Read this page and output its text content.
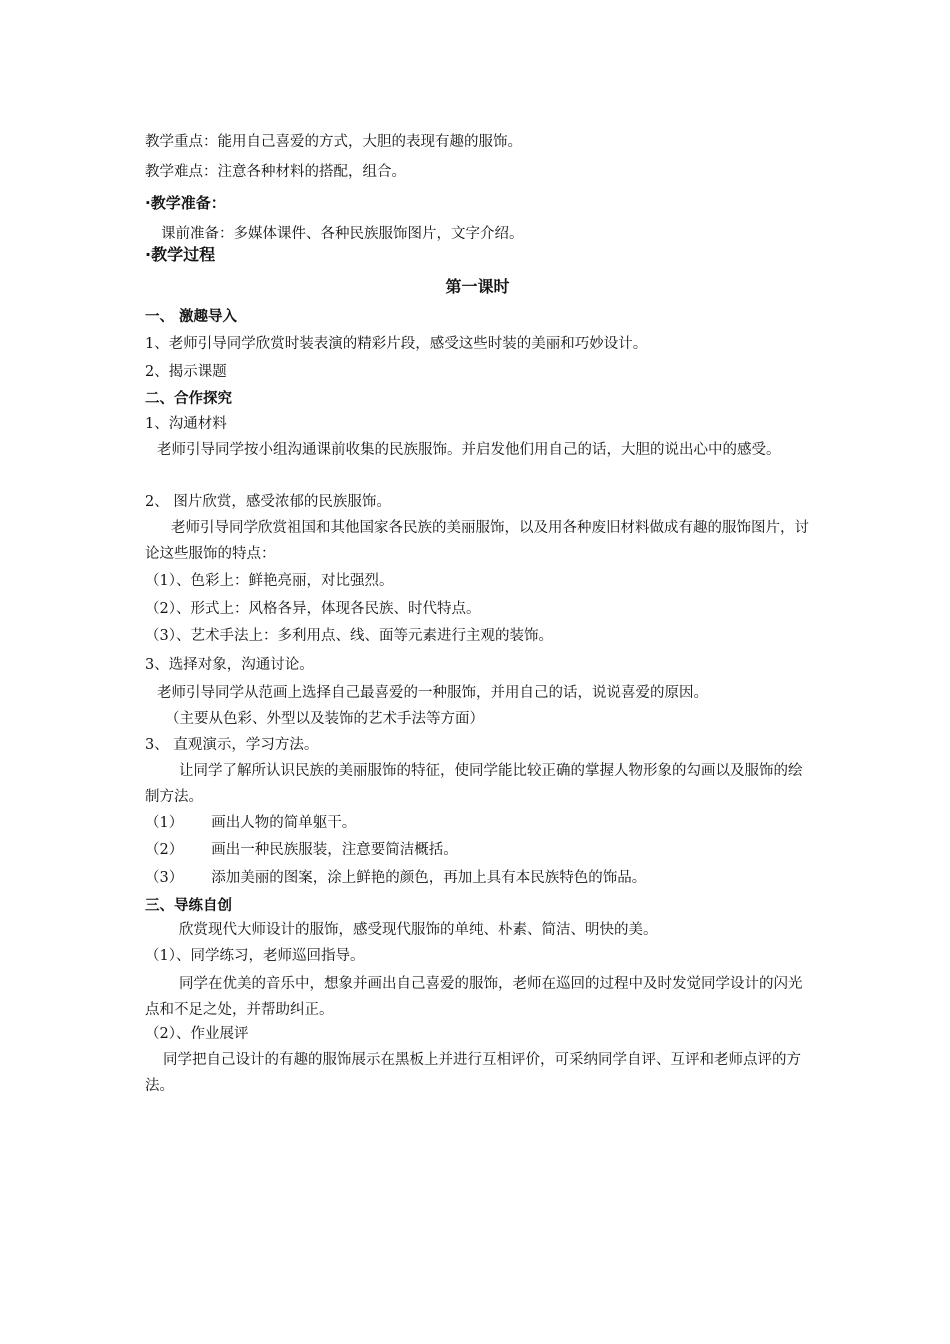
教学重点：能用自己喜爱的方式，大胆的表现有趣的服饰。
教学难点：注意各种材料的搭配，组合。
·教学准备：
课前准备：多媒体课件、各种民族服饰图片，文字介绍。
·教学过程
第一课时
一、 激趣导入
1、老师引导同学欣赏时装表演的精彩片段，感受这些时装的美丽和巧妙设计。
2、揭示课题
二、合作探究
1、沟通材料
老师引导同学按小组沟通课前收集的民族服饰。并启发他们用自己的话，大胆的说出心中的感受。
2、 图片欣赏，感受浓郁的民族服饰。
老师引导同学欣赏祖国和其他国家各民族的美丽服饰，以及用各种废旧材料做成有趣的服饰图片，讨论这些服饰的特点：
（1）、色彩上：鲜艳亮丽，对比强烈。
（2）、形式上：风格各异，体现各民族、时代特点。
（3）、艺术手法上：多利用点、线、面等元素进行主观的装饰。
3、选择对象，沟通讨论。
老师引导同学从范画上选择自己最喜爱的一种服饰，并用自己的话，说说喜爱的原因。
（主要从色彩、外型以及装饰的艺术手法等方面）
3、 直观演示，学习方法。
让同学了解所认识民族的美丽服饰的特征，使同学能比较正确的掌握人物形象的勾画以及服饰的绘制方法。
（1） 画出人物的简单躯干。
（2） 画出一种民族服装，注意要简洁概括。
（3） 添加美丽的图案，涂上鲜艳的颜色，再加上具有本民族特色的饰品。
三、导练自创
欣赏现代大师设计的服饰，感受现代服饰的单纯、朴素、简洁、明快的美。
（1）、同学练习，老师巡回指导。
同学在优美的音乐中，想象并画出自己喜爱的服饰，老师在巡回的过程中及时发觉同学设计的闪光点和不足之处，并帮助纠正。
（2）、作业展评
同学把自己设计的有趣的服饰展示在黑板上并进行互相评价，可采纳同学自评、互评和老师点评的方法。
